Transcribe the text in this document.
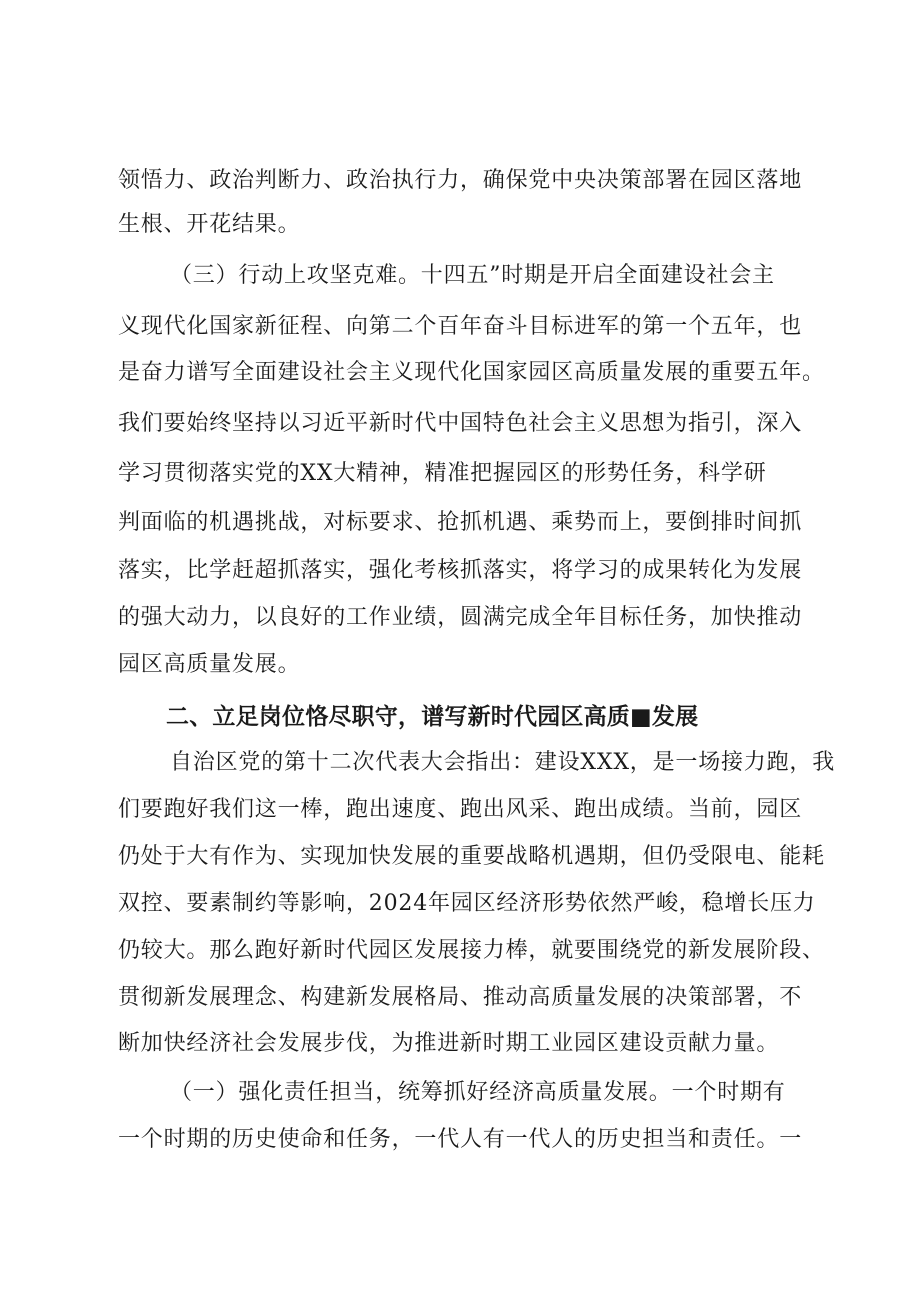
领悟力、政治判断力、政治执行力，确保党中央决策部署在园区落地
生根、开花结果。
（三）行动上攻坚克难。十四五”时期是开启全面建设社会主
义现代化国家新征程、向第二个百年奋斗目标进军的第一个五年，也
是奋力谱写全面建设社会主义现代化国家园区高质量发展的重要五年。
我们要始终坚持以习近平新时代中国特色社会主义思想为指引，深入
学习贯彻落实党的XX大精神，精准把握园区的形势任务，科学研
判面临的机遇挑战，对标要求、抢抓机遇、乘势而上，要倒排时间抓
落实，比学赶超抓落实，强化考核抓落实，将学习的成果转化为发展
的强大动力，以良好的工作业绩，圆满完成全年目标任务，加快推动
园区高质量发展。
二、立足岗位恪尽职守，谱写新时代园区高质■发展
自治区党的第十二次代表大会指出：建设XXX，是一场接力跑，我
们要跑好我们这一棒，跑出速度、跑出风采、跑出成绩。当前，园区
仍处于大有作为、实现加快发展的重要战略机遇期，但仍受限电、能耗
双控、要素制约等影响，2024年园区经济形势依然严峻，稳增长压力
仍较大。那么跑好新时代园区发展接力棒，就要围绕党的新发展阶段、
贯彻新发展理念、构建新发展格局、推动高质量发展的决策部署，不
断加快经济社会发展步伐，为推进新时期工业园区建设贡献力量。
（一）强化责任担当，统筹抓好经济高质量发展。一个时期有
一个时期的历史使命和任务，一代人有一代人的历史担当和责任。一
